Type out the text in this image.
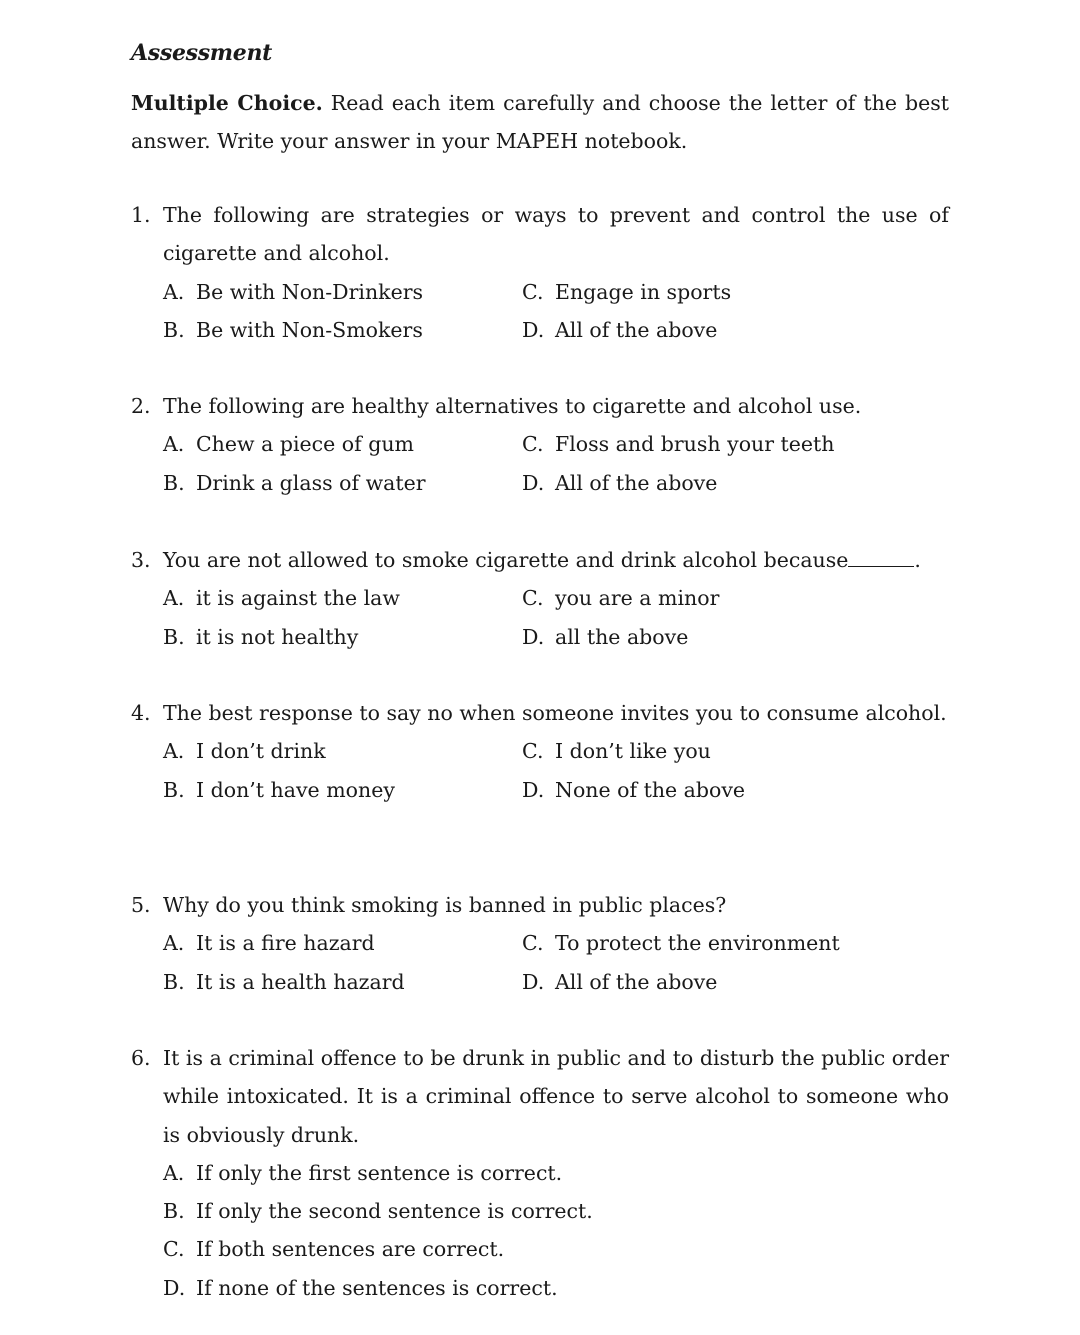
Assessment
Multiple Choice. Read each item carefully and choose the letter of the best answer. Write your answer in your MAPEH notebook.
1. The following are strategies or ways to prevent and control the use of cigarette and alcohol.
A. Be with Non-Drinkers	C. Engage in sports
B. Be with Non-Smokers	D. All of the above
2. The following are healthy alternatives to cigarette and alcohol use.
A. Chew a piece of gum	C. Floss and brush your teeth
B. Drink a glass of water	D. All of the above
3. You are not allowed to smoke cigarette and drink alcohol because	.
A. it is against the law	C. you are a minor
B. it is not healthy	D. all the above
4. The best response to say no when someone invites you to consume alcohol.
A. I don’t drink	C. I don’t like you
B. I don’t have money	D. None of the above
5. Why do you think smoking is banned in public places?
A. It is a fire hazard	C. To protect the environment
B. It is a health hazard	D. All of the above
6. It is a criminal offence to be drunk in public and to disturb the public order while intoxicated. It is a criminal offence to serve alcohol to someone who is obviously drunk.
A. If only the first sentence is correct.
B. If only the second sentence is correct.
C. If both sentences are correct.
D. If none of the sentences is correct.
